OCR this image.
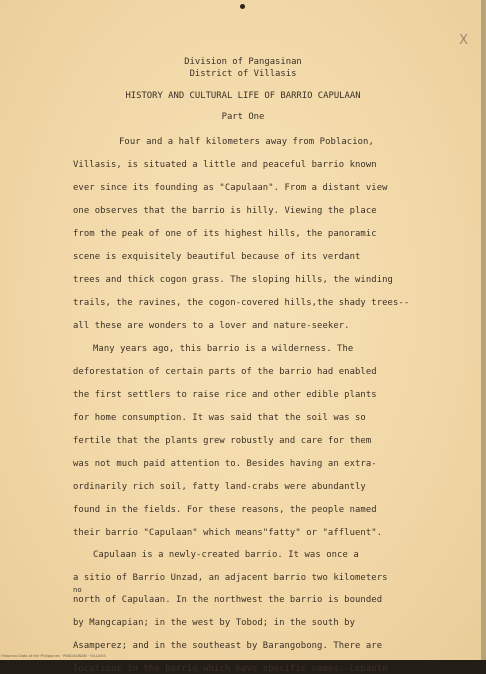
X

Division of Pangasinan

District of Villasis

HISTORY AND CULTURAL LIFE OF BARRIO CAPULAAN

Part One

Four and a half kilometers away from Poblacion,

Villasis, is situated a little and peaceful barrio known

ever since its founding as "Capulaan". From a distant view

one observes that the barrio is hilly. Viewing the place

from the peak of one of its highest hills, the panoramic

scene is exquisitely beautiful because of its verdant

trees and thick cogon grass. The sloping hills, the winding

trails, the ravines, the cogon-covered hills,the shady trees--

all these are wonders to a lover and nature-seeker.

Many years ago, this barrio is a wilderness. The

deforestation of certain parts of the barrio had enabled

the first settlers to raise rice and other edible plants

for home consumption. It was said that the soil was so

fertile that the plants grew robustly and care for them

was not much paid attention to. Besides having an extra-

ordinarily rich soil, fatty land-crabs were abundantly

found in the fields. For these reasons, the people named

their barrio "Capulaan" which means"fatty" or "affluent".

Capulaan is a newly-created barrio. It was once a

a sitio of Barrio Unzad, an adjacent barrio two kilometers

no

north of Capulaan. In the northwest the barrio is bounded

by Mangcapian; in the west by Tobod; in the south by

Asamperez; and in the southeast by Barangobong. There are

locations in the barrio which have specific names:-Lepanto

Historical Data of the Philippines · PANGASINAN · VILLASIS
